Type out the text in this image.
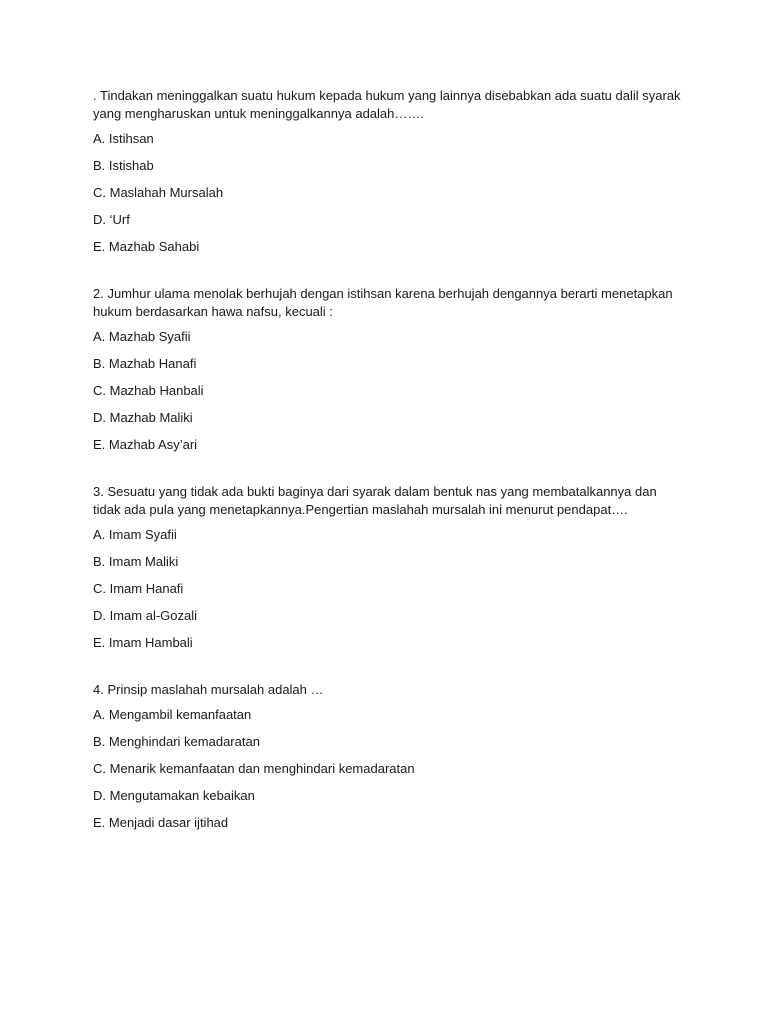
. Tindakan meninggalkan suatu hukum kepada hukum yang lainnya disebabkan ada suatu dalil syarak
yang mengharuskan untuk meninggalkannya adalah…….

A. Istihsan

B. Istishab

C. Maslahah Mursalah

D. ‘Urf

E. Mazhab Sahabi

2. Jumhur ulama menolak berhujah dengan istihsan karena berhujah dengannya berarti menetapkan
hukum berdasarkan hawa nafsu, kecuali :

A. Mazhab Syafii

B. Mazhab Hanafi

C. Mazhab Hanbali

D. Mazhab Maliki

E. Mazhab Asy’ari

3. Sesuatu yang tidak ada bukti baginya dari syarak dalam bentuk nas yang membatalkannya dan
tidak ada pula yang menetapkannya.Pengertian maslahah mursalah ini menurut pendapat….

A. Imam Syafii

B. Imam Maliki

C. Imam Hanafi

D. Imam al-Gozali

E. Imam Hambali

4. Prinsip maslahah mursalah adalah …

A. Mengambil kemanfaatan

B. Menghindari kemadaratan

C. Menarik kemanfaatan dan menghindari kemadaratan

D. Mengutamakan kebaikan

E. Menjadi dasar ijtihad
